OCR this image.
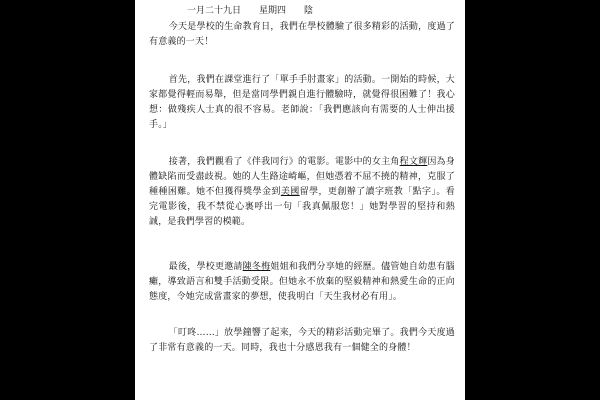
一月二十九日　　星期四　　陰

今天是學校的生命教育日，我們在學校體驗了很多精彩的活動，度過了有意義的一天！

首先，我們在課堂進行了「單手手肘畫家」的活動。一開始的時候，大家都覺得輕而易舉，但是當同學們親自進行體驗時，就覺得很困難了！我心想：做殘疾人士真的很不容易。老師說：「我們應該向有需要的人士伸出援手。」

接著，我們觀看了《伴我同行》的電影。電影中的女主角程文輝因為身體缺陷而受盡歧視。她的人生路途崎嶇，但她憑着不屈不撓的精神，克服了種種困難。她不但獲得獎學金到美國留學，更創辦了讀字班教「點字」。看完電影後，我不禁從心裏呼出一句「我真佩服您！」她對學習的堅持和熱誠，是我們學習的模範。

最後，學校更邀請陳冬梅姐姐和我們分享她的經歷。儘管她自幼患有腦癱，導致語言和雙手活動受限。但她永不放棄的堅毅精神和熱愛生命的正向態度，令她完成當畫家的夢想，使我明白「天生我材必有用」。

「叮咚……」放學鐘響了起來，今天的精彩活動完畢了。我們今天度過了非常有意義的一天。同時，我也十分感恩我有一個健全的身體！
